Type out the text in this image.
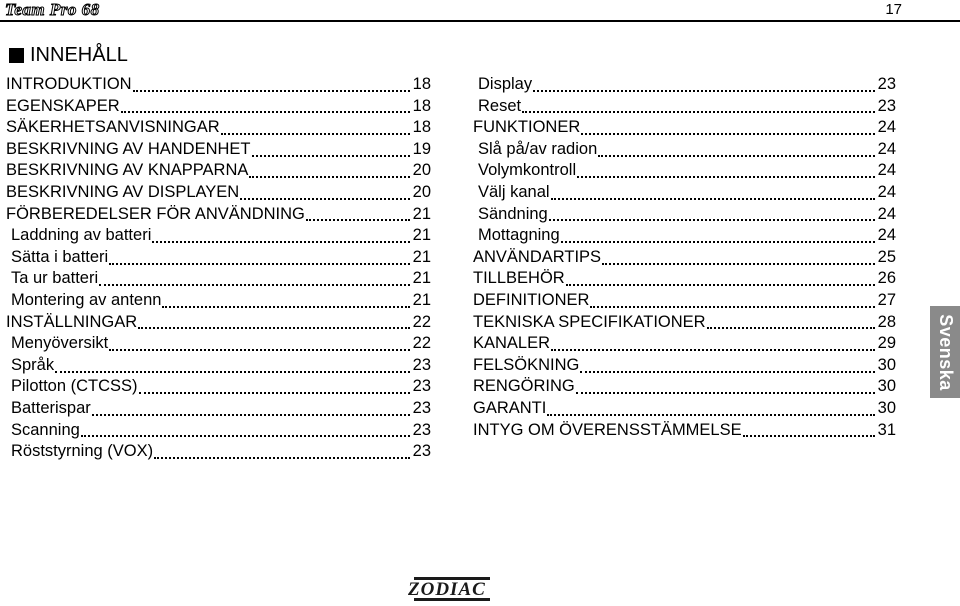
Team Pro 68	17
INNEHÅLL
INTRODUKTION	18
EGENSKAPER	18
SÄKERHETSANVISNINGAR	18
BESKRIVNING AV HANDENHET	19
BESKRIVNING AV KNAPPARNA	20
BESKRIVNING AV DISPLAYEN	20
FÖRBEREDELSER FÖR ANVÄNDNING	21
Laddning av batteri	21
Sätta i batteri	21
Ta ur batteri	21
Montering av antenn	21
INSTÄLLNINGAR	22
Menyöversikt	22
Språk	23
Pilotton (CTCSS)	23
Batterispar	23
Scanning	23
Röststyrning (VOX)	23
Display	23
Reset	23
FUNKTIONER	24
Slå på/av radion	24
Volymkontroll	24
Välj kanal	24
Sändning	24
Mottagning	24
ANVÄNDARTIPS	25
TILLBEHÖR	26
DEFINITIONER	27
TEKNISKA SPECIFIKATIONER	28
KANALER	29
FELSÖKNING	30
RENGÖRING	30
GARANTI	30
INTYG OM ÖVERENSSTÄMMELSE	31
Svenska
ZODIAC
